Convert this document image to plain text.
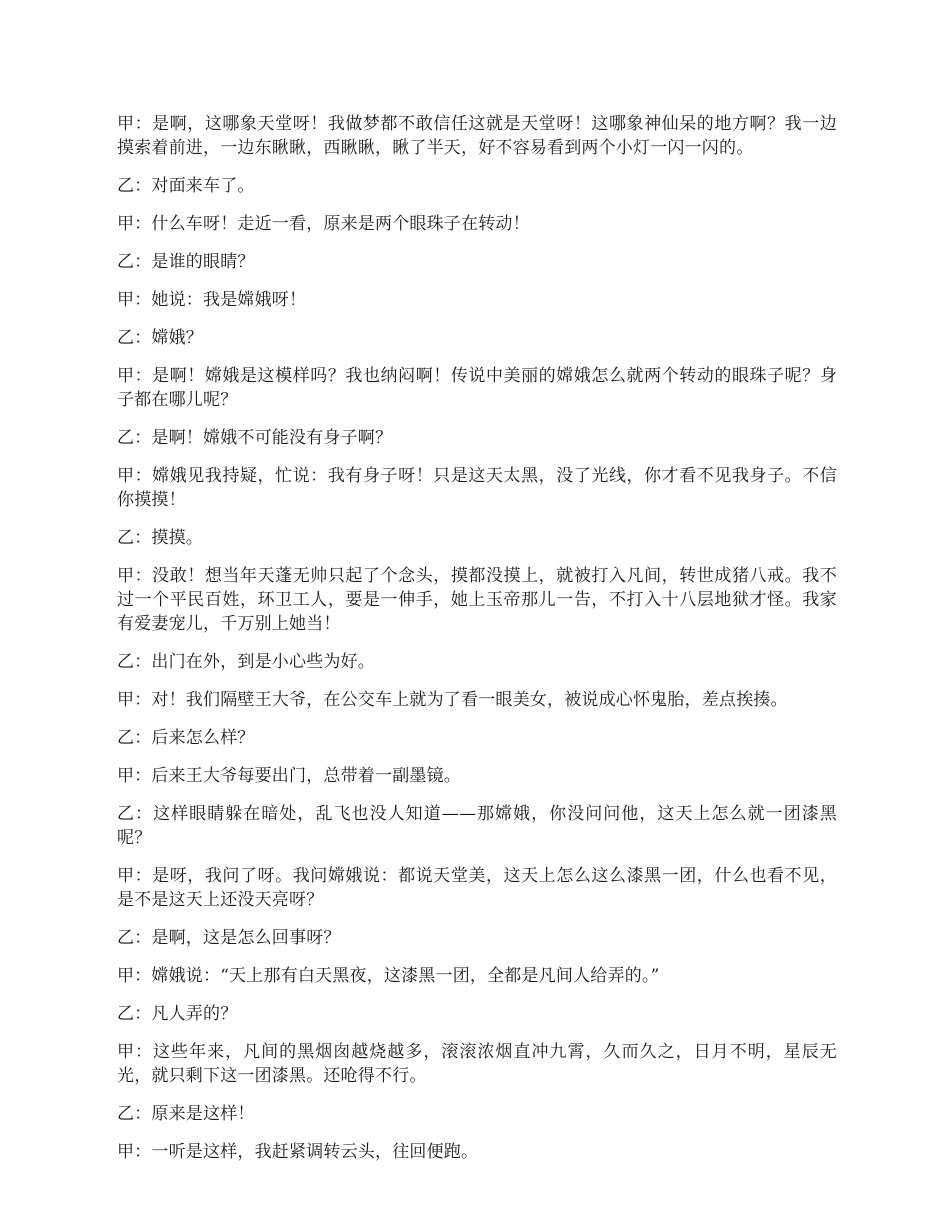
甲：是啊，这哪象天堂呀！我做梦都不敢信任这就是天堂呀！这哪象神仙呆的地方啊？我一边摸索着前进，一边东瞅瞅，西瞅瞅，瞅了半天，好不容易看到两个小灯一闪一闪的。

乙：对面来车了。

甲：什么车呀！走近一看，原来是两个眼珠子在转动！

乙：是谁的眼睛？

甲：她说：我是嫦娥呀！

乙：嫦娥？

甲：是啊！嫦娥是这模样吗？我也纳闷啊！传说中美丽的嫦娥怎么就两个转动的眼珠子呢？身子都在哪儿呢？

乙：是啊！嫦娥不可能没有身子啊？

甲：嫦娥见我持疑，忙说：我有身子呀！只是这天太黑，没了光线，你才看不见我身子。不信你摸摸！

乙：摸摸。

甲：没敢！想当年天蓬无帅只起了个念头，摸都没摸上，就被打入凡间，转世成猪八戒。我不过一个平民百姓，环卫工人，要是一伸手，她上玉帝那儿一告，不打入十八层地狱才怪。我家有爱妻宠儿，千万别上她当！

乙：出门在外，到是小心些为好。

甲：对！我们隔壁王大爷，在公交车上就为了看一眼美女，被说成心怀鬼胎，差点挨揍。

乙：后来怎么样？

甲：后来王大爷每要出门，总带着一副墨镜。

乙：这样眼睛躲在暗处，乱飞也没人知道——那嫦娥，你没问问他，这天上怎么就一团漆黑呢？

甲：是呀，我问了呀。我问嫦娥说：都说天堂美，这天上怎么这么漆黑一团，什么也看不见，是不是这天上还没天亮呀？

乙：是啊，这是怎么回事呀？

甲：嫦娥说：“天上那有白天黑夜，这漆黑一团，全都是凡间人给弄的。”

乙：凡人弄的？

甲：这些年来，凡间的黑烟囱越烧越多，滚滚浓烟直冲九霄，久而久之，日月不明，星辰无光，就只剩下这一团漆黑。还呛得不行。

乙：原来是这样！

甲：一听是这样，我赶紧调转云头，往回便跑。
